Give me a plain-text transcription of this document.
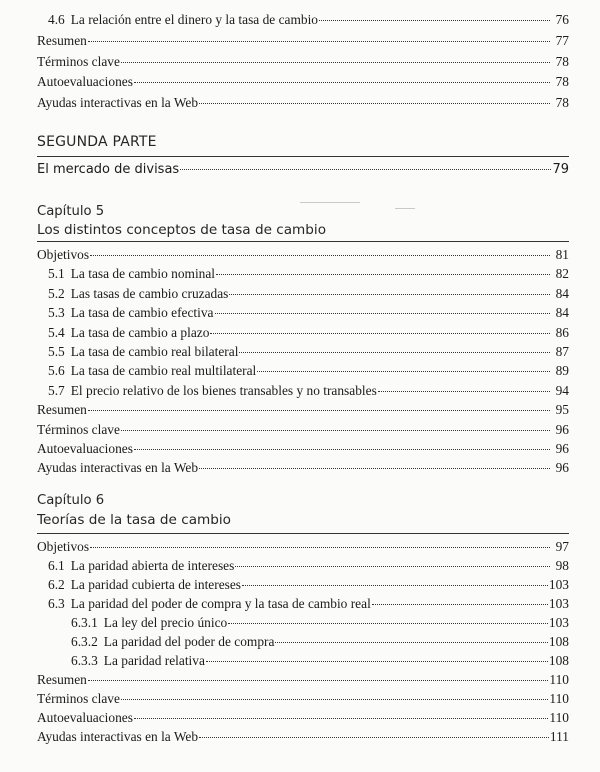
4.6 La relación entre el dinero y la tasa de cambio	76
Resumen	77
Términos clave	78
Autoevaluaciones	78
Ayudas interactivas en la Web	78
SEGUNDA PARTE
El mercado de divisas	79
Capítulo 5
Los distintos conceptos de tasa de cambio
Objetivos	81
5.1 La tasa de cambio nominal	82
5.2 Las tasas de cambio cruzadas	84
5.3 La tasa de cambio efectiva	84
5.4 La tasa de cambio a plazo	86
5.5 La tasa de cambio real bilateral	87
5.6 La tasa de cambio real multilateral	89
5.7 El precio relativo de los bienes transables y no transables	94
Resumen	95
Términos clave	96
Autoevaluaciones	96
Ayudas interactivas en la Web	96
Capítulo 6
Teorías de la tasa de cambio
Objetivos	97
6.1 La paridad abierta de intereses	98
6.2 La paridad cubierta de intereses	103
6.3 La paridad del poder de compra y la tasa de cambio real	103
6.3.1 La ley del precio único	103
6.3.2 La paridad del poder de compra	108
6.3.3 La paridad relativa	108
Resumen	110
Términos clave	110
Autoevaluaciones	110
Ayudas interactivas en la Web	111
